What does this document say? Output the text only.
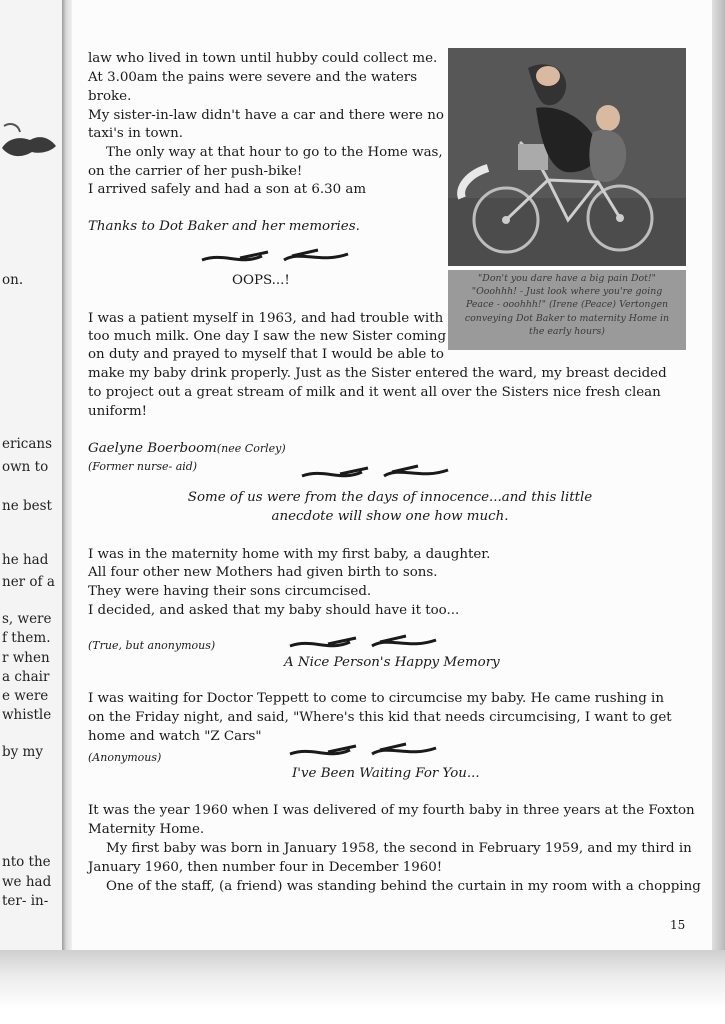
on.
ericans
own to
ne best
he had
ner of a
s, were
f them.
r when
a chair
e were
whistle
by my
nto the
we had
ter- in-
law who lived in town until hubby could collect me.
At 3.00am the pains were severe and the waters
broke.
My sister-in-law didn't have a car and there were no
taxi's in town.
The only way at that hour to go to the Home was,
on the carrier of her push-bike!
I arrived safely and had a son at 6.30 am
Thanks to Dot Baker and her memories.
"Don't you dare have a big pain Dot!"
"Ooohhh! - Just look where you're going
Peace - ooohhh!" (Irene (Peace) Vertongen
conveying Dot Baker to maternity Home in
the early hours)
OOPS...!
I was a patient myself in 1963, and had trouble with
too much milk. One day I saw the new Sister coming
on duty and prayed to myself that I would be able to
make my baby drink properly. Just as the Sister entered the ward, my breast decided
to project out a great stream of milk and it went all over the Sisters nice fresh clean
uniform!
Gaelyne Boerboom(nee Corley)
(Former nurse- aid)
Some of us were from the days of innocence...and this little
anecdote will show one how much.
I was in the maternity home with my first baby, a daughter.
All four other new Mothers had given birth to sons.
They were having their sons circumcised.
I decided, and asked that my baby should have it too...
(True, but anonymous)
A Nice Person's Happy Memory
I was waiting for Doctor Teppett to come to circumcise my baby. He came rushing in
on the Friday night, and said, "Where's this kid that needs circumcising, I want to get
home and watch "Z Cars"
(Anonymous)
I've Been Waiting For You...
It was the year 1960 when I was delivered of my fourth baby in three years at the Foxton
Maternity Home.
My first baby was born in January 1958, the second in February 1959, and my third in
January 1960, then number four in December 1960!
One of the staff, (a friend) was standing behind the curtain in my room with a chopping
15
